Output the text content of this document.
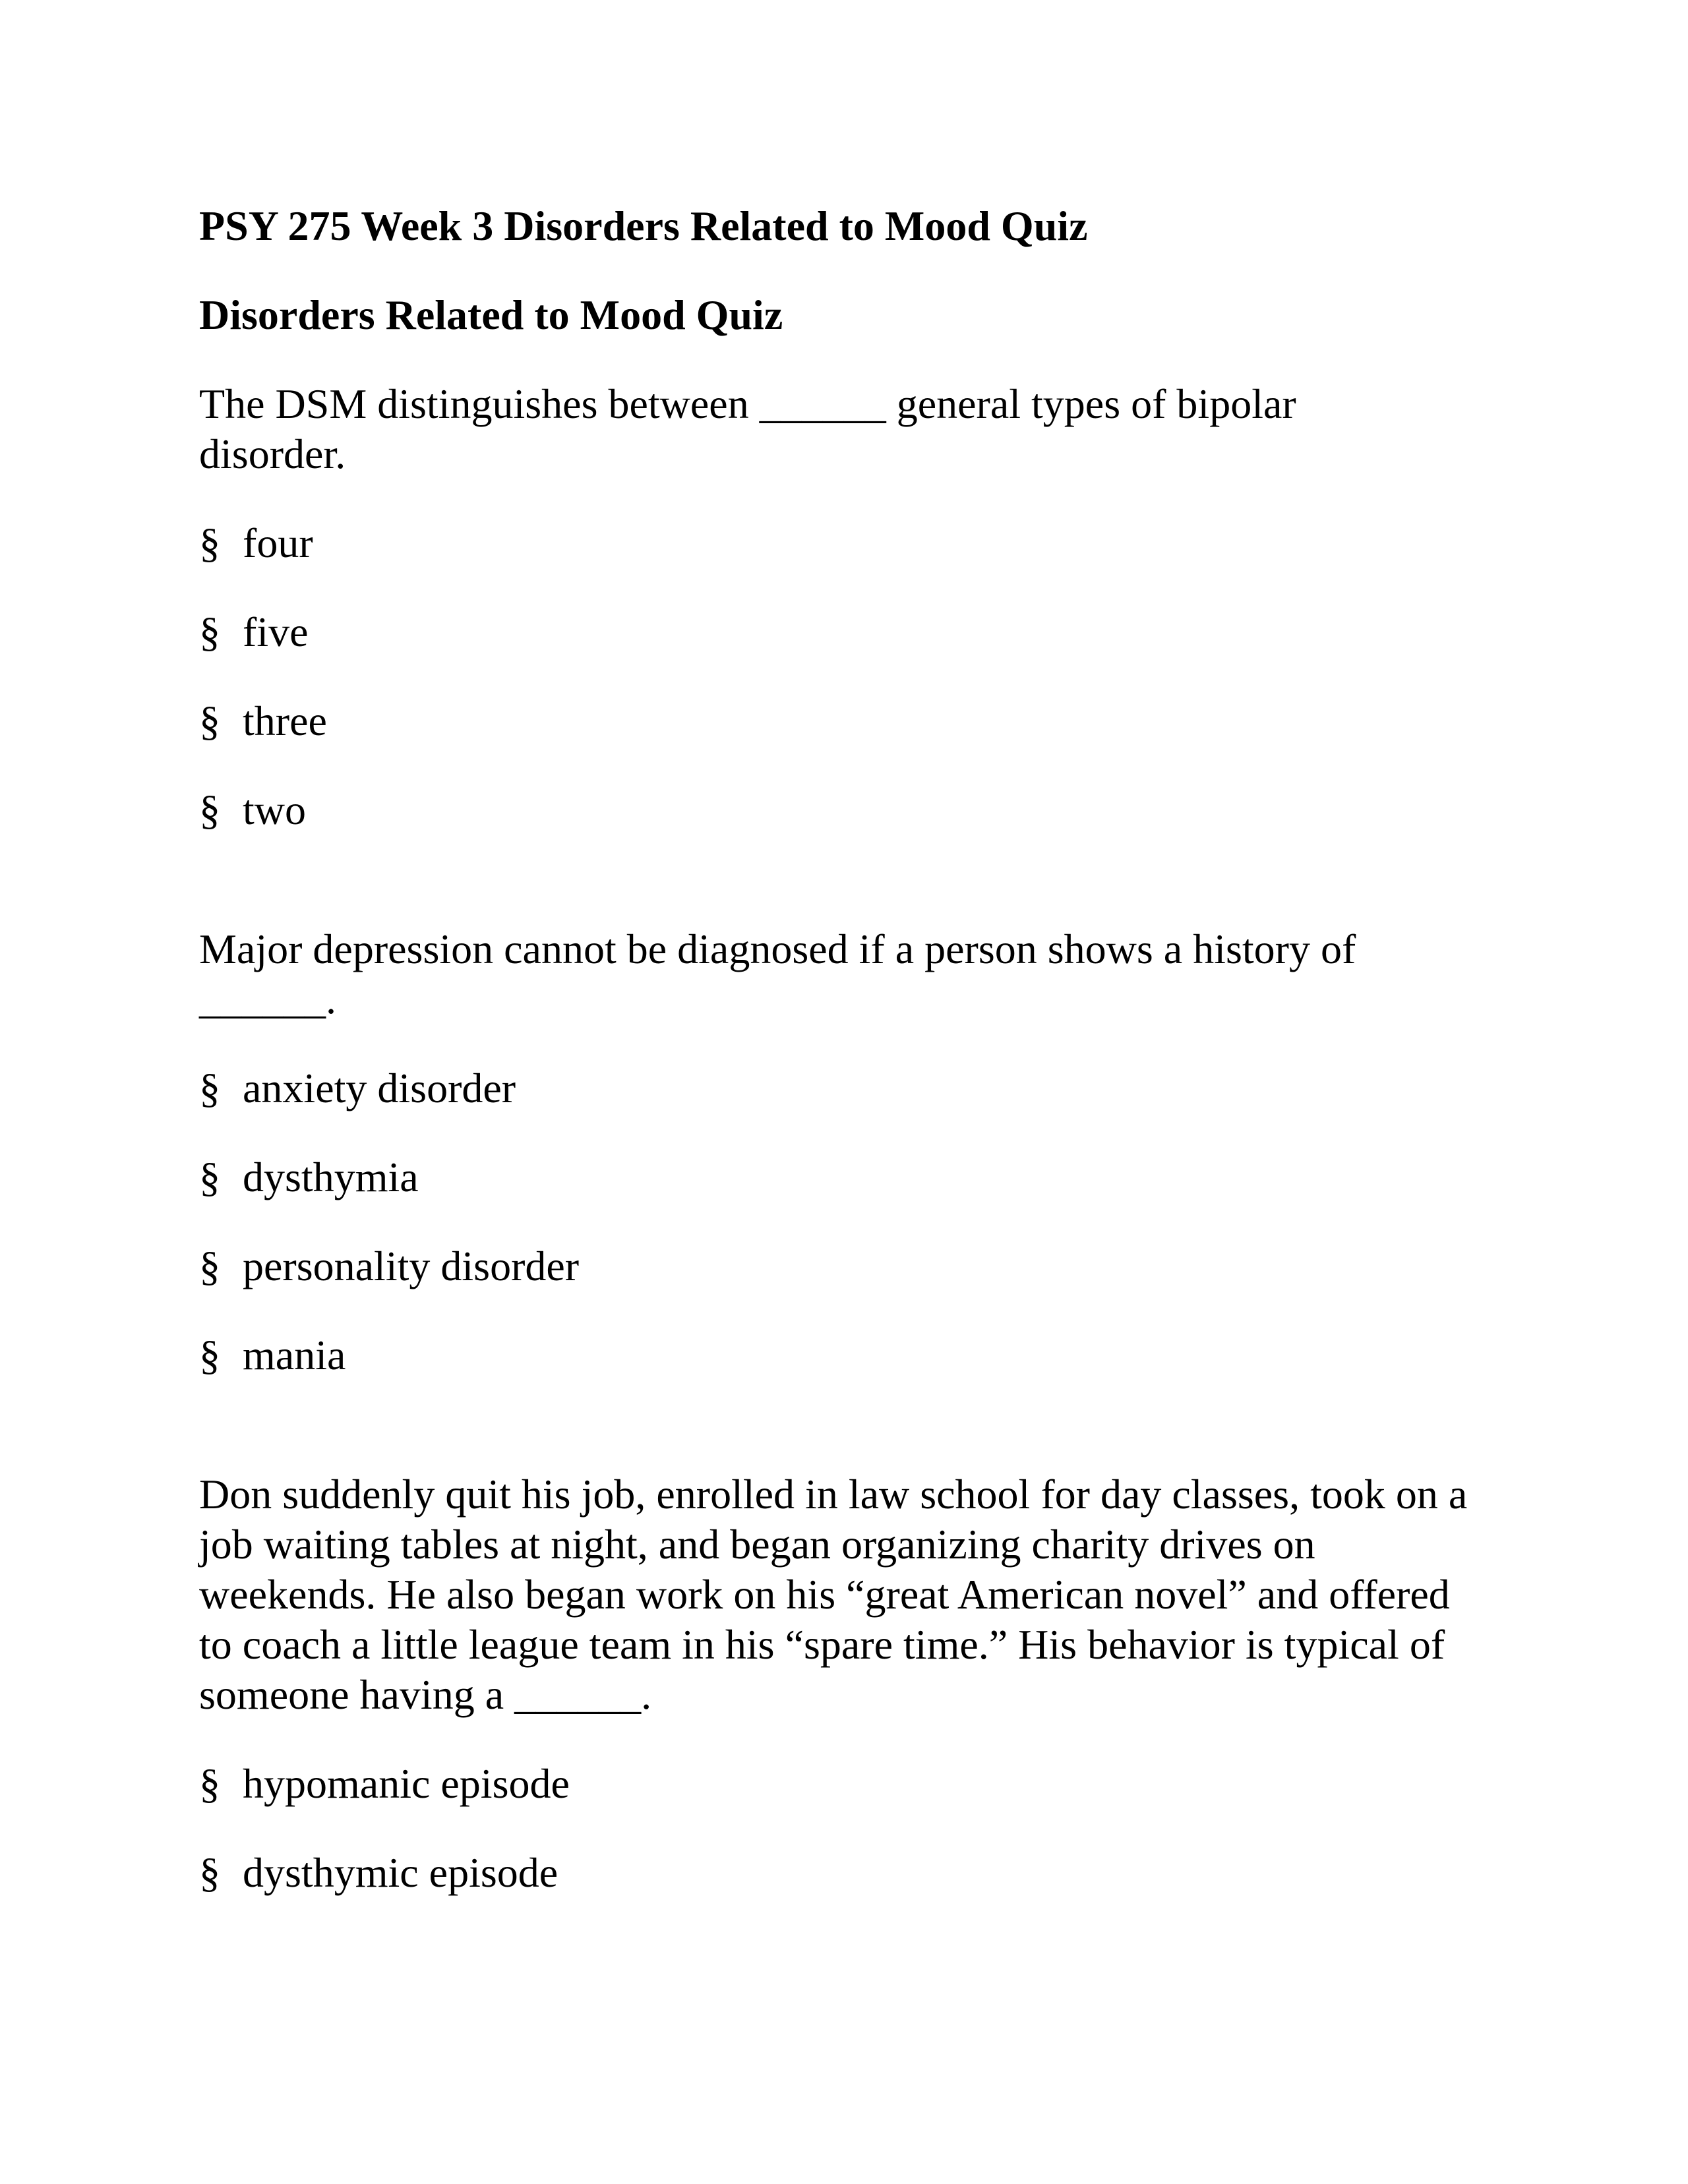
PSY 275 Week 3 Disorders Related to Mood Quiz

Disorders Related to Mood Quiz

The DSM distinguishes between ______ general types of bipolar disorder.

§ four
§ five
§ three
§ two

Major depression cannot be diagnosed if a person shows a history of ______.

§ anxiety disorder
§ dysthymia
§ personality disorder
§ mania

Don suddenly quit his job, enrolled in law school for day classes, took on a job waiting tables at night, and began organizing charity drives on weekends. He also began work on his “great American novel” and offered to coach a little league team in his “spare time.” His behavior is typical of someone having a ______.

§ hypomanic episode
§ dysthymic episode
